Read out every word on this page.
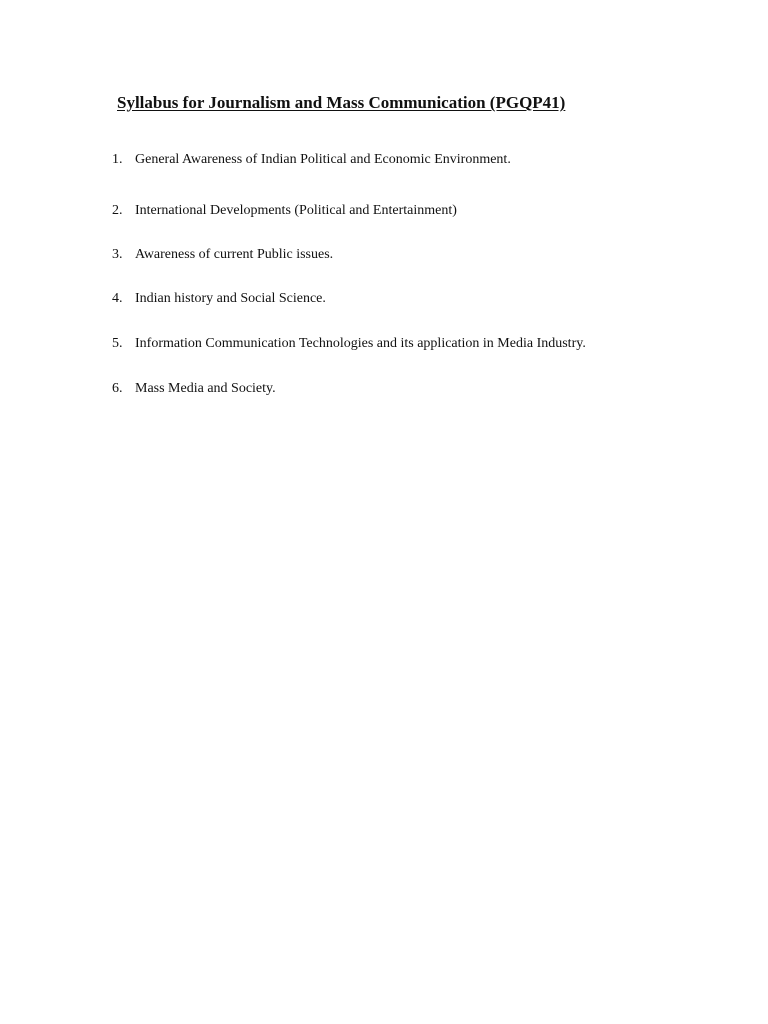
Syllabus for Journalism and Mass Communication (PGQP41)
1. General Awareness of Indian Political and Economic Environment.
2. International Developments (Political and Entertainment)
3. Awareness of current Public issues.
4. Indian history and Social Science.
5. Information Communication Technologies and its application in Media Industry.
6. Mass Media and Society.
